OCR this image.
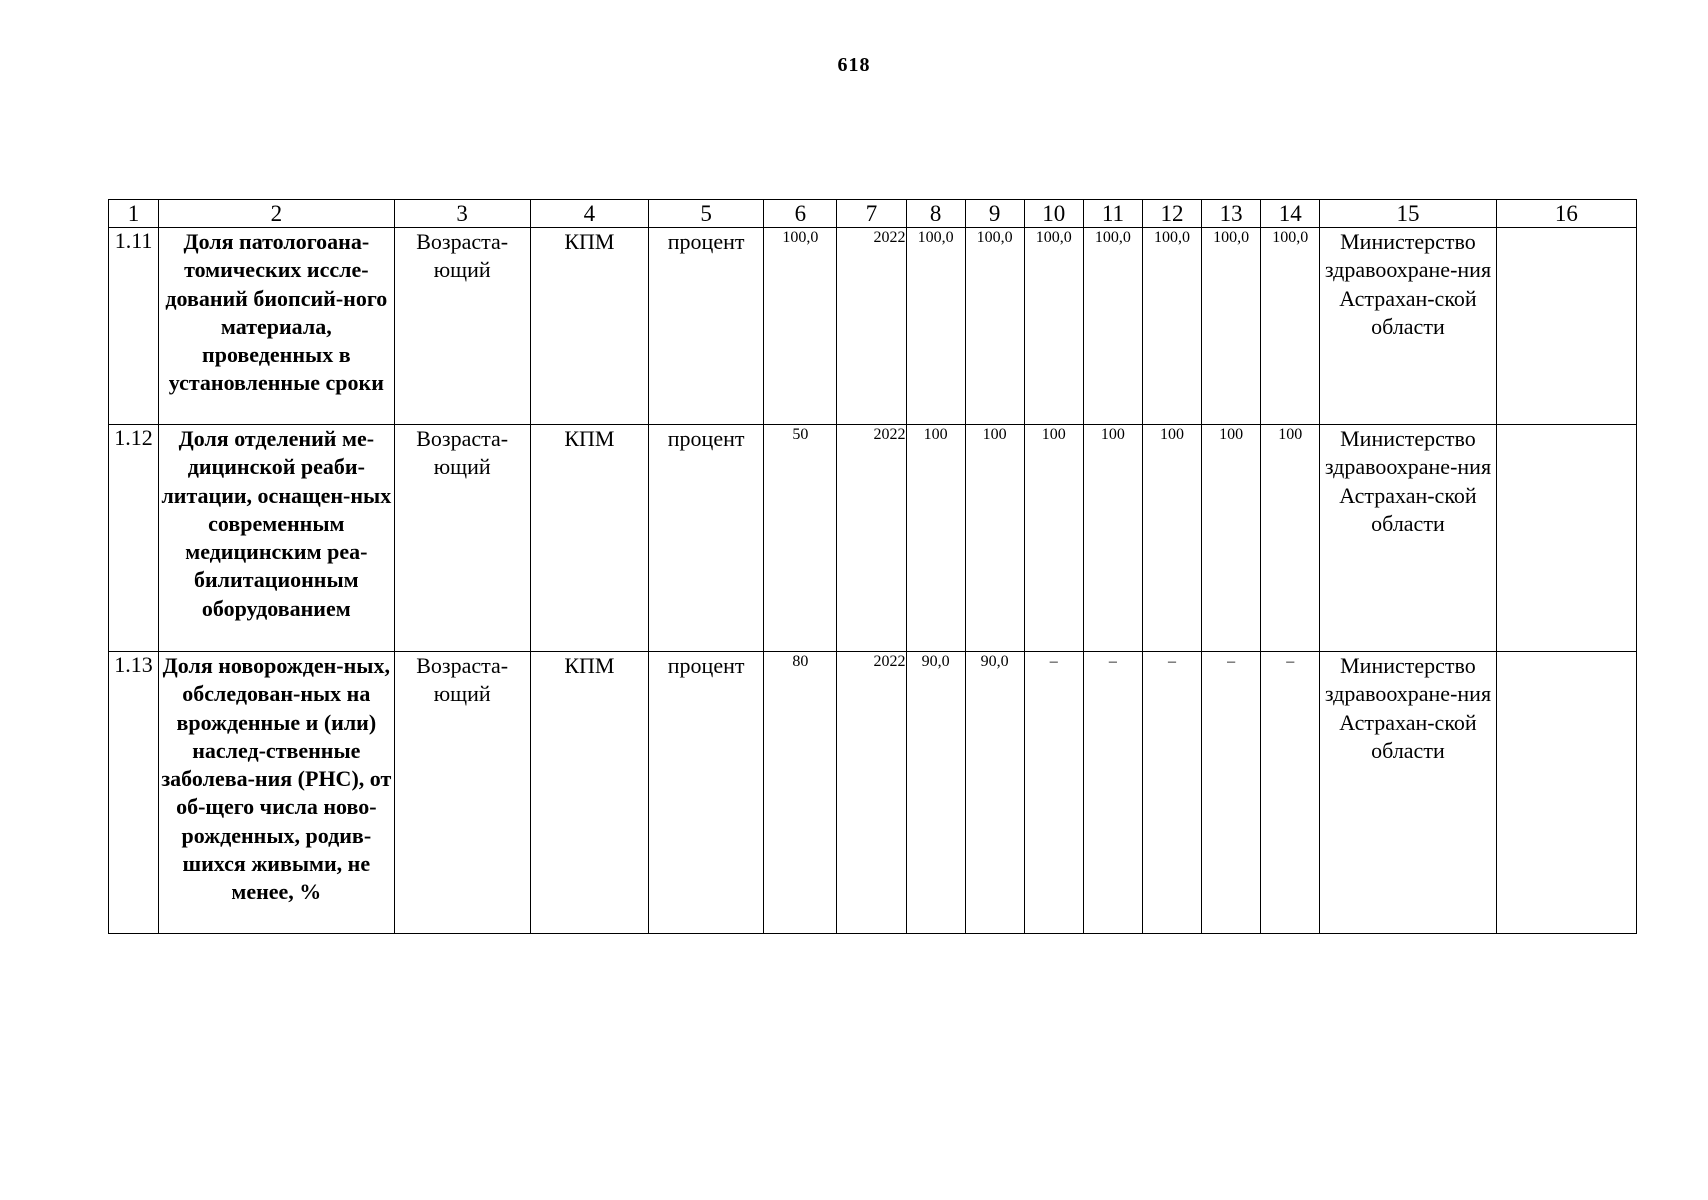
618
1	2	3	4	5	6	7	8	9	10	11	12	13	14	15	16
1.11	Доля патологоана-томических иссле-дований биопсий-ного материала, проведенных в установленные сроки	Возраста-ющий	КПМ	процент	100,0	2022	100,0	100,0	100,0	100,0	100,0	100,0	100,0	Министерство здравоохране-ния Астрахан-ской области	
1.12	Доля отделений ме-дицинской реаби-литации, оснащен-ных современным медицинским реа-билитационным оборудованием	Возраста-ющий	КПМ	процент	50	2022	100	100	100	100	100	100	100	Министерство здравоохране-ния Астрахан-ской области	
1.13	Доля новорожден-ных, обследован-ных на врожденные и (или) наслед-ственные заболева-ния (РНС), от об-щего числа ново-рожденных, родив-шихся живыми, не менее, %	Возраста-ющий	КПМ	процент	80	2022	90,0	90,0	–	–	–	–	–	Министерство здравоохране-ния Астрахан-ской области	
